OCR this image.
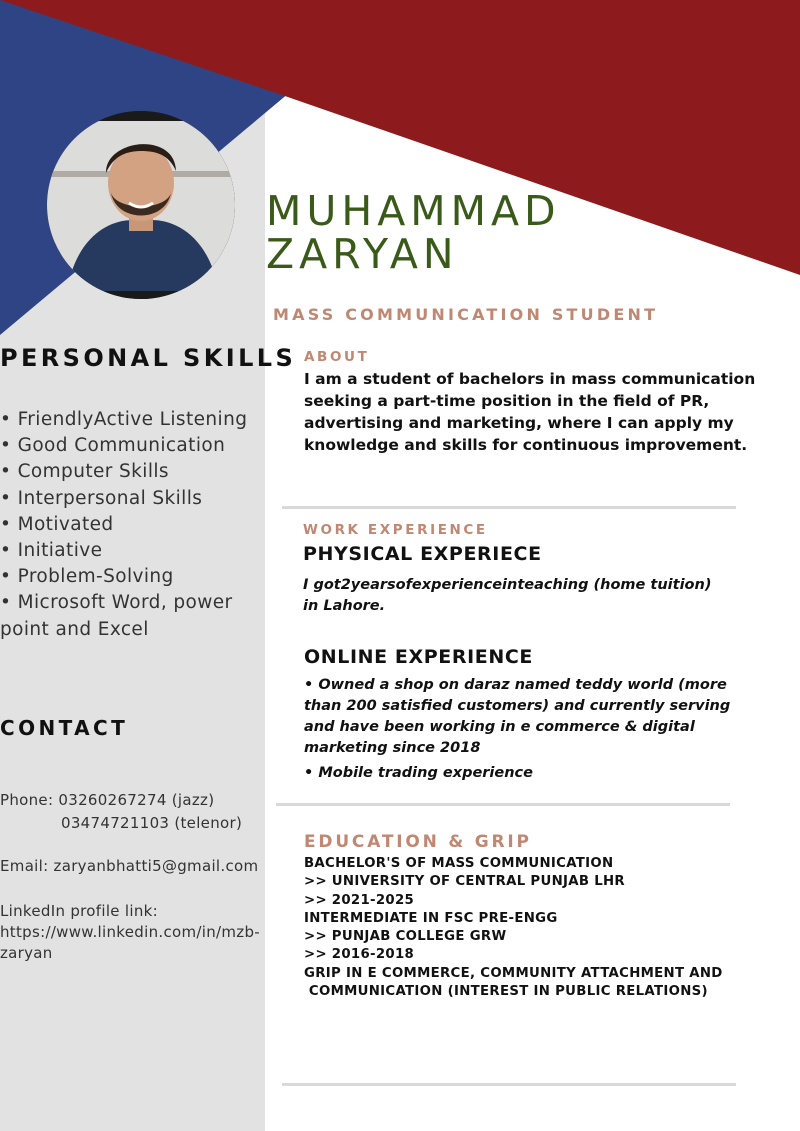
MUHAMMAD
ZARYAN

MASS COMMUNICATION STUDENT

PERSONAL SKILLS
• FriendlyActive Listening
• Good Communication
• Computer Skills
• Interpersonal Skills
• Motivated
• Initiative
• Problem-Solving
• Microsoft Word, power point and Excel
CONTACT

Phone: 03260267274 (jazz)

03474721103 (telenor)

Email: zaryanbhatti5@gmail.com

LinkedIn profile link:

https://www.linkedin.com/in/mzb-

zaryan

ABOUT

I am a student of bachelors in mass communication seeking a part-time position in the field of PR, advertising and marketing, where I can apply my knowledge and skills for continuous improvement.

WORK EXPERIENCE

PHYSICAL EXPERIECE

I got2yearsofexperienceinteaching (home tuition)

in Lahore.

ONLINE EXPERIENCE

• Owned a shop on daraz named teddy world (more than 200 satisfied customers) and currently serving and have been working in e commerce & digital marketing since 2018

• Mobile trading experience

EDUCATION & GRIP

BACHELOR'S OF MASS COMMUNICATION
>> UNIVERSITY OF CENTRAL PUNJAB LHR
>> 2021-2025
INTERMEDIATE IN FSC PRE-ENGG
>> PUNJAB COLLEGE GRW
>> 2016-2018
GRIP IN E COMMERCE, COMMUNITY ATTACHMENT AND
COMMUNICATION (INTEREST IN PUBLIC RELATIONS)
